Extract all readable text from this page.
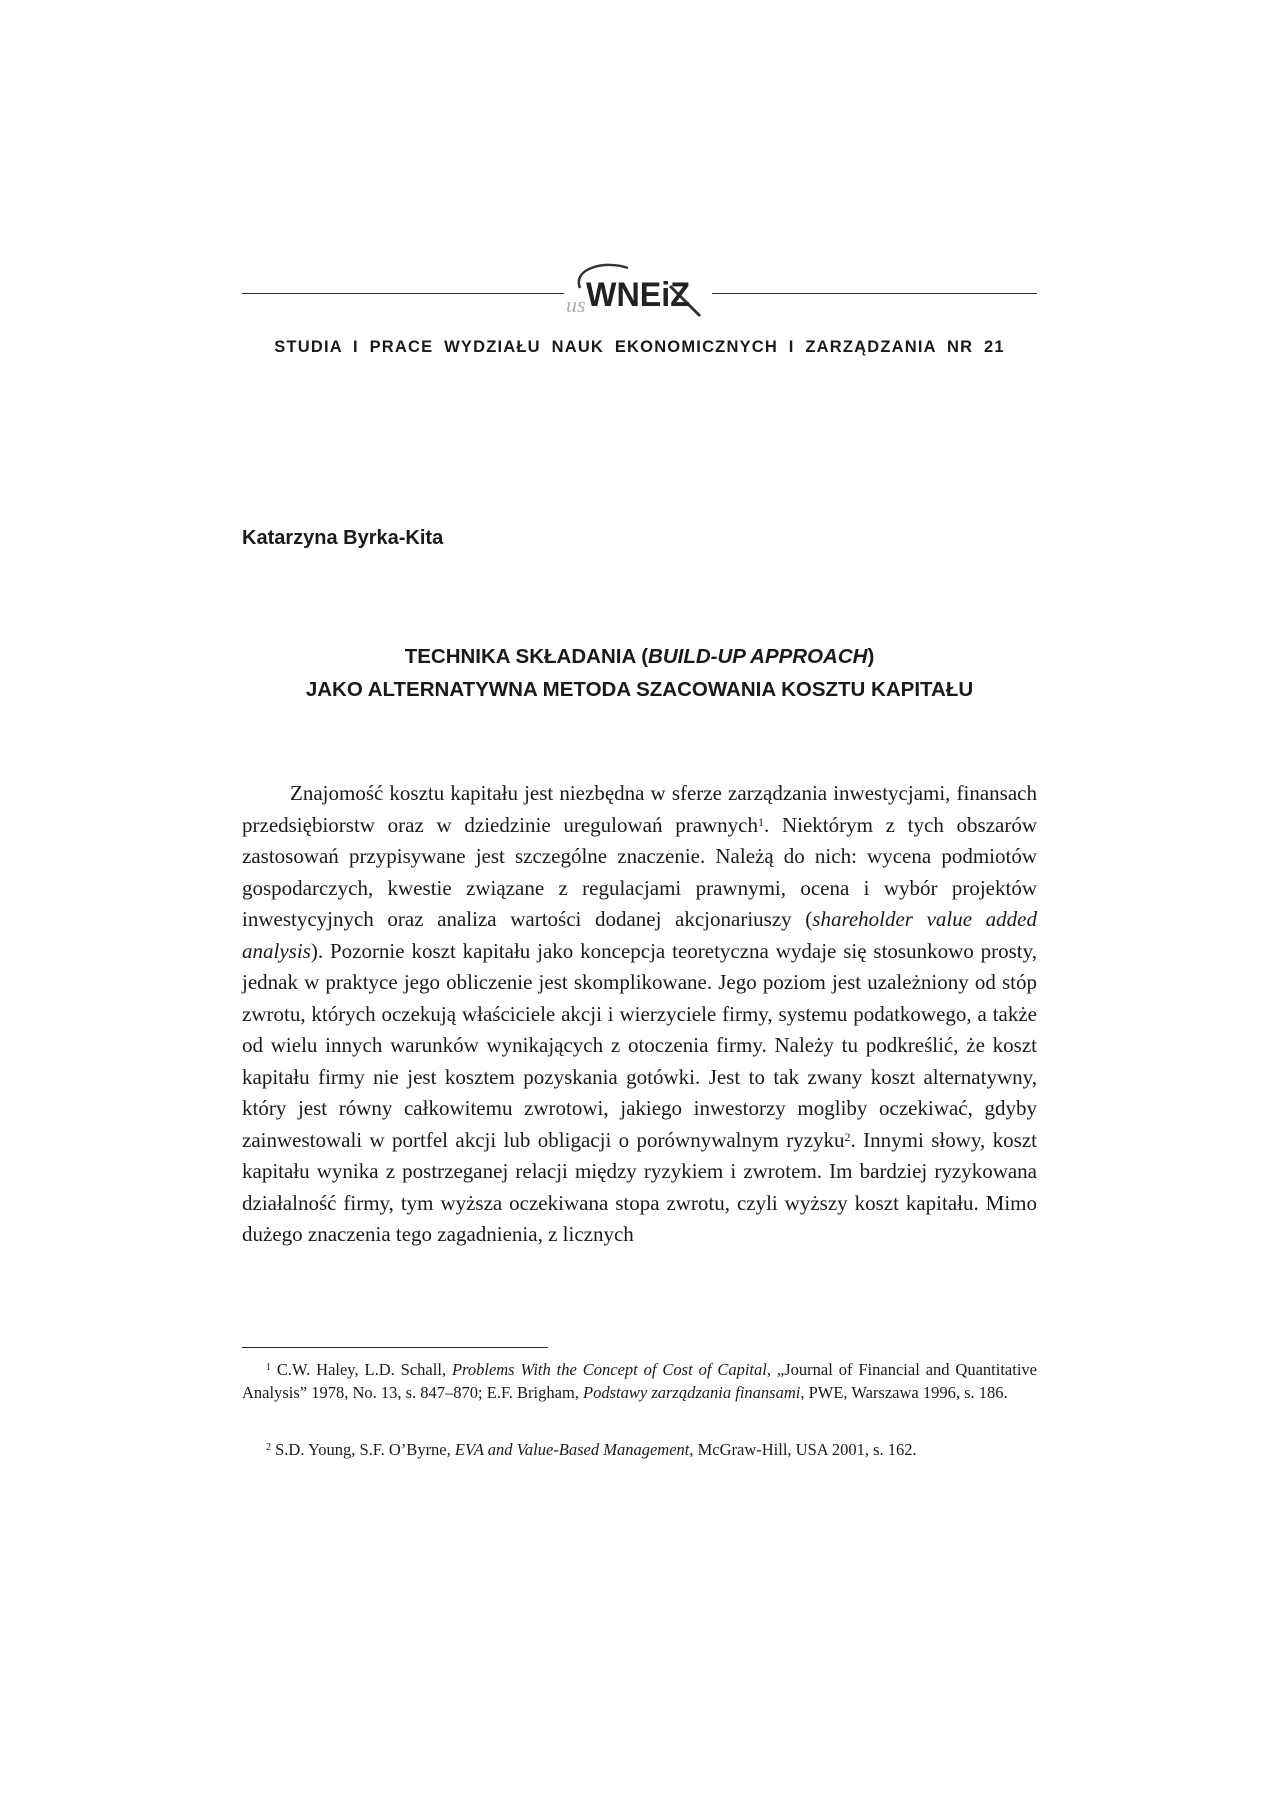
us WNEiZ
STUDIA I PRACE WYDZIAŁU NAUK EKONOMICZNYCH I ZARZĄDZANIA NR 21
Katarzyna Byrka-Kita
TECHNIKA SKŁADANIA (BUILD-UP APPROACH)
JAKO ALTERNATYWNA METODA SZACOWANIA KOSZTU KAPITAŁU

Znajomość kosztu kapitału jest niezbędna w sferze zarządzania inwestycjami, finansach przedsiębiorstw oraz w dziedzinie uregulowań prawnych$^1$. Niektórym z tych obszarów zastosowań przypisywane jest szczególne znaczenie. Należą do nich: wycena podmiotów gospodarczych, kwestie związane z regulacjami prawnymi, ocena i wybór projektów inwestycyjnych oraz analiza wartości dodanej akcjonariuszy (shareholder value added analysis). Pozornie koszt kapitału jako koncepcja teoretyczna wydaje się stosunkowo prosty, jednak w praktyce jego obliczenie jest skomplikowane. Jego poziom jest uzależniony od stóp zwrotu, których oczekują właściciele akcji i wierzyciele firmy, systemu podatkowego, a także od wielu innych warunków wynikających z otoczenia firmy. Należy tu podkreślić, że koszt kapitału firmy nie jest kosztem pozyskania gotówki. Jest to tak zwany koszt alternatywny, który jest równy całkowitemu zwrotowi, jakiego inwestorzy mogliby oczekiwać, gdyby zainwestowali w portfel akcji lub obligacji o porównywalnym ryzyku$^2$. Innymi słowy, koszt kapitału wynika z postrzeganej relacji między ryzykiem i zwrotem. Im bardziej ryzykowana działalność firmy, tym wyższa oczekiwana stopa zwrotu, czyli wyższy koszt kapitału. Mimo dużego znaczenia tego zagadnienia, z licznych

$^1$ C.W. Haley, L.D. Schall, Problems With the Concept of Cost of Capital, „Journal of Financial and Quantitative Analysis” 1978, No. 13, s. 847–870; E.F. Brigham, Podstawy zarządzania finansami, PWE, Warszawa 1996, s. 186.

$^2$ S.D. Young, S.F. O’Byrne, EVA and Value-Based Management, McGraw-Hill, USA 2001, s. 162.
